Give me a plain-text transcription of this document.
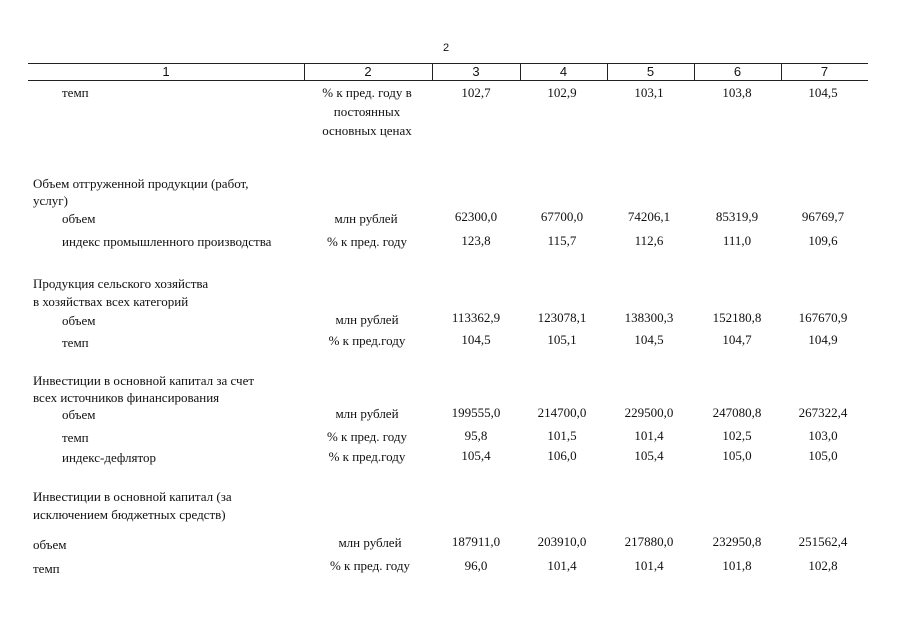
2
1	2	3	4	5	6	7
темп	% к пред. году в
постоянных
основных ценах
102,7	102,9	103,1	103,8	104,5
Объем отгруженной продукции (работ,
услуг)
объем	млн рублей	62300,0	67700,0	74206,1	85319,9	96769,7
индекс промышленного производства	% к пред. году	123,8	115,7	112,6	111,0	109,6
Продукция сельского хозяйства
в хозяйствах всех категорий
объем	млн рублей	113362,9	123078,1	138300,3	152180,8	167670,9
темп	% к пред.году	104,5	105,1	104,5	104,7	104,9
Инвестиции в основной капитал за счет
всех источников финансирования
объем	млн рублей	199555,0	214700,0	229500,0	247080,8	267322,4
темп	% к пред. году	95,8	101,5	101,4	102,5	103,0
индекс-дефлятор	% к пред.году	105,4	106,0	105,4	105,0	105,0
Инвестиции в основной капитал (за
исключением бюджетных средств)
объем	млн рублей	187911,0	203910,0	217880,0	232950,8	251562,4
темп	% к пред. году	96,0	101,4	101,4	101,8	102,8
